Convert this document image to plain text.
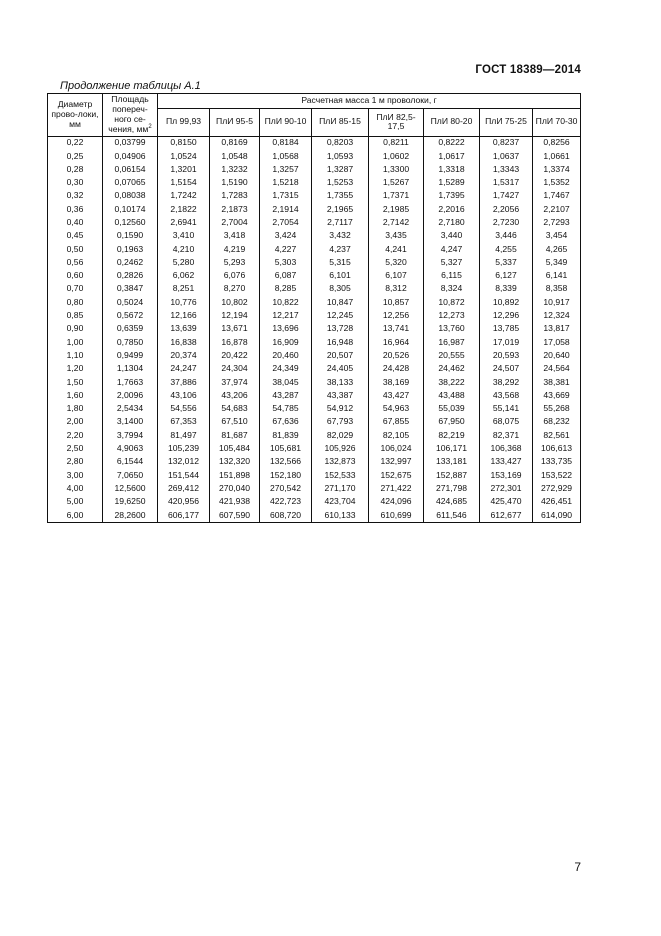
ГОСТ 18389—2014
Продолжение таблицы А.1
Диаметр прово-локи, мм	Площадь попереч-ного се-чения, $мм^2$	Расчетная масса 1 м проволоки, г							
		Пл 99,93	ПлИ 95-5	ПлИ 90-10	ПлИ 85-15	ПлИ 82,5-17,5	ПлИ 80-20	ПлИ 75-25	ПлИ 70-30
0,22	0,03799	0,8150	0,8169	0,8184	0,8203	0,8211	0,8222	0,8237	0,8256
0,25	0,04906	1,0524	1,0548	1,0568	1,0593	1,0602	1,0617	1,0637	1,0661
0,28	0,06154	1,3201	1,3232	1,3257	1,3287	1,3300	1,3318	1,3343	1,3374
0,30	0,07065	1,5154	1,5190	1,5218	1,5253	1,5267	1,5289	1,5317	1,5352
0,32	0,08038	1,7242	1,7283	1,7315	1,7355	1,7371	1,7395	1,7427	1,7467
0,36	0,10174	2,1822	2,1873	2,1914	2,1965	2,1985	2,2016	2,2056	2,2107
0,40	0,12560	2,6941	2,7004	2,7054	2,7117	2,7142	2,7180	2,7230	2,7293
0,45	0,1590	3,410	3,418	3,424	3,432	3,435	3,440	3,446	3,454
0,50	0,1963	4,210	4,219	4,227	4,237	4,241	4,247	4,255	4,265
0,56	0,2462	5,280	5,293	5,303	5,315	5,320	5,327	5,337	5,349
0,60	0,2826	6,062	6,076	6,087	6,101	6,107	6,115	6,127	6,141
0,70	0,3847	8,251	8,270	8,285	8,305	8,312	8,324	8,339	8,358
0,80	0,5024	10,776	10,802	10,822	10,847	10,857	10,872	10,892	10,917
0,85	0,5672	12,166	12,194	12,217	12,245	12,256	12,273	12,296	12,324
0,90	0,6359	13,639	13,671	13,696	13,728	13,741	13,760	13,785	13,817
1,00	0,7850	16,838	16,878	16,909	16,948	16,964	16,987	17,019	17,058
1,10	0,9499	20,374	20,422	20,460	20,507	20,526	20,555	20,593	20,640
1,20	1,1304	24,247	24,304	24,349	24,405	24,428	24,462	24,507	24,564
1,50	1,7663	37,886	37,974	38,045	38,133	38,169	38,222	38,292	38,381
1,60	2,0096	43,106	43,206	43,287	43,387	43,427	43,488	43,568	43,669
1,80	2,5434	54,556	54,683	54,785	54,912	54,963	55,039	55,141	55,268
2,00	3,1400	67,353	67,510	67,636	67,793	67,855	67,950	68,075	68,232
2,20	3,7994	81,497	81,687	81,839	82,029	82,105	82,219	82,371	82,561
2,50	4,9063	105,239	105,484	105,681	105,926	106,024	106,171	106,368	106,613
2,80	6,1544	132,012	132,320	132,566	132,873	132,997	133,181	133,427	133,735
3,00	7,0650	151,544	151,898	152,180	152,533	152,675	152,887	153,169	153,522
4,00	12,5600	269,412	270,040	270,542	271,170	271,422	271,798	272,301	272,929
5,00	19,6250	420,956	421,938	422,723	423,704	424,096	424,685	425,470	426,451
6,00	28,2600	606,177	607,590	608,720	610,133	610,699	611,546	612,677	614,090
7
